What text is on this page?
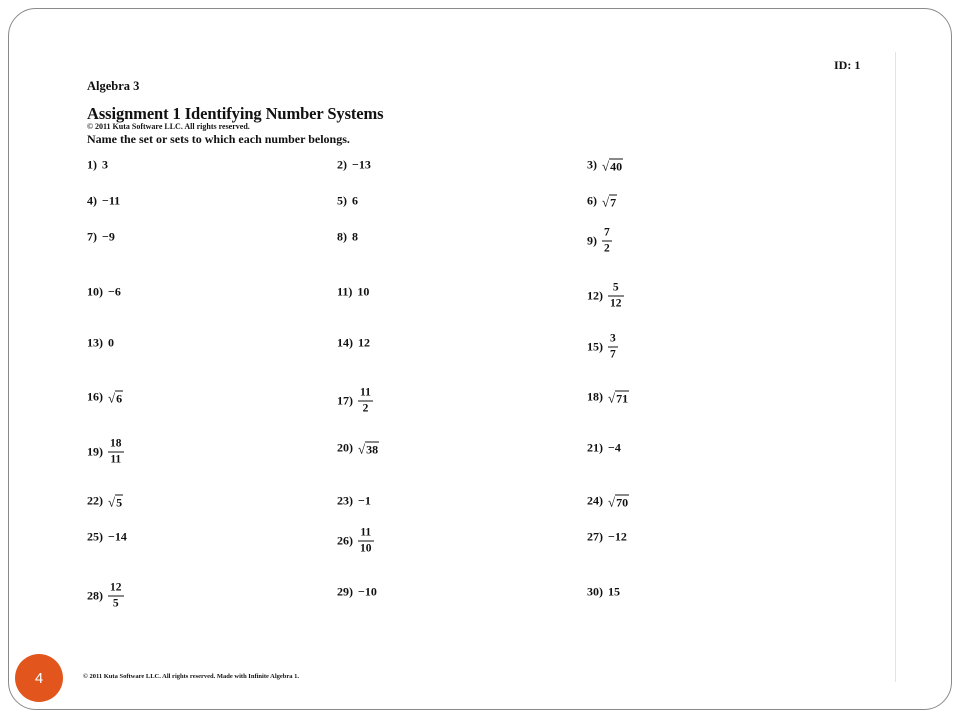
ID: 1
Algebra 3
Assignment 1 Identifying Number Systems
© 2011 Kuta Software LLC. All rights reserved.
Name the set or sets to which each number belongs.
1) 3	2) −13	3) √ 40
4) −11	5) 6	6) √ 7
7) −9	8) 8	$9) \frac{7}{2}$
10) −6	11) 10	$12) \frac{5}{12}$
13) 0	14) 12	$15) \frac{3}{7}$
16) √ 6	$17) \frac{11}{2}$	18) √ 71
$19) \frac{18}{11}$	20) √ 38	21) −4
22) √ 5	23) −1	24) √ 70
25) −14	$26) \frac{11}{10}$	27) −12
$28) \frac{12}{5}$	29) −10	30) 15
© 2011 Kuta Software LLC. All rights reserved. Made with Infinite Algebra 1.
4
